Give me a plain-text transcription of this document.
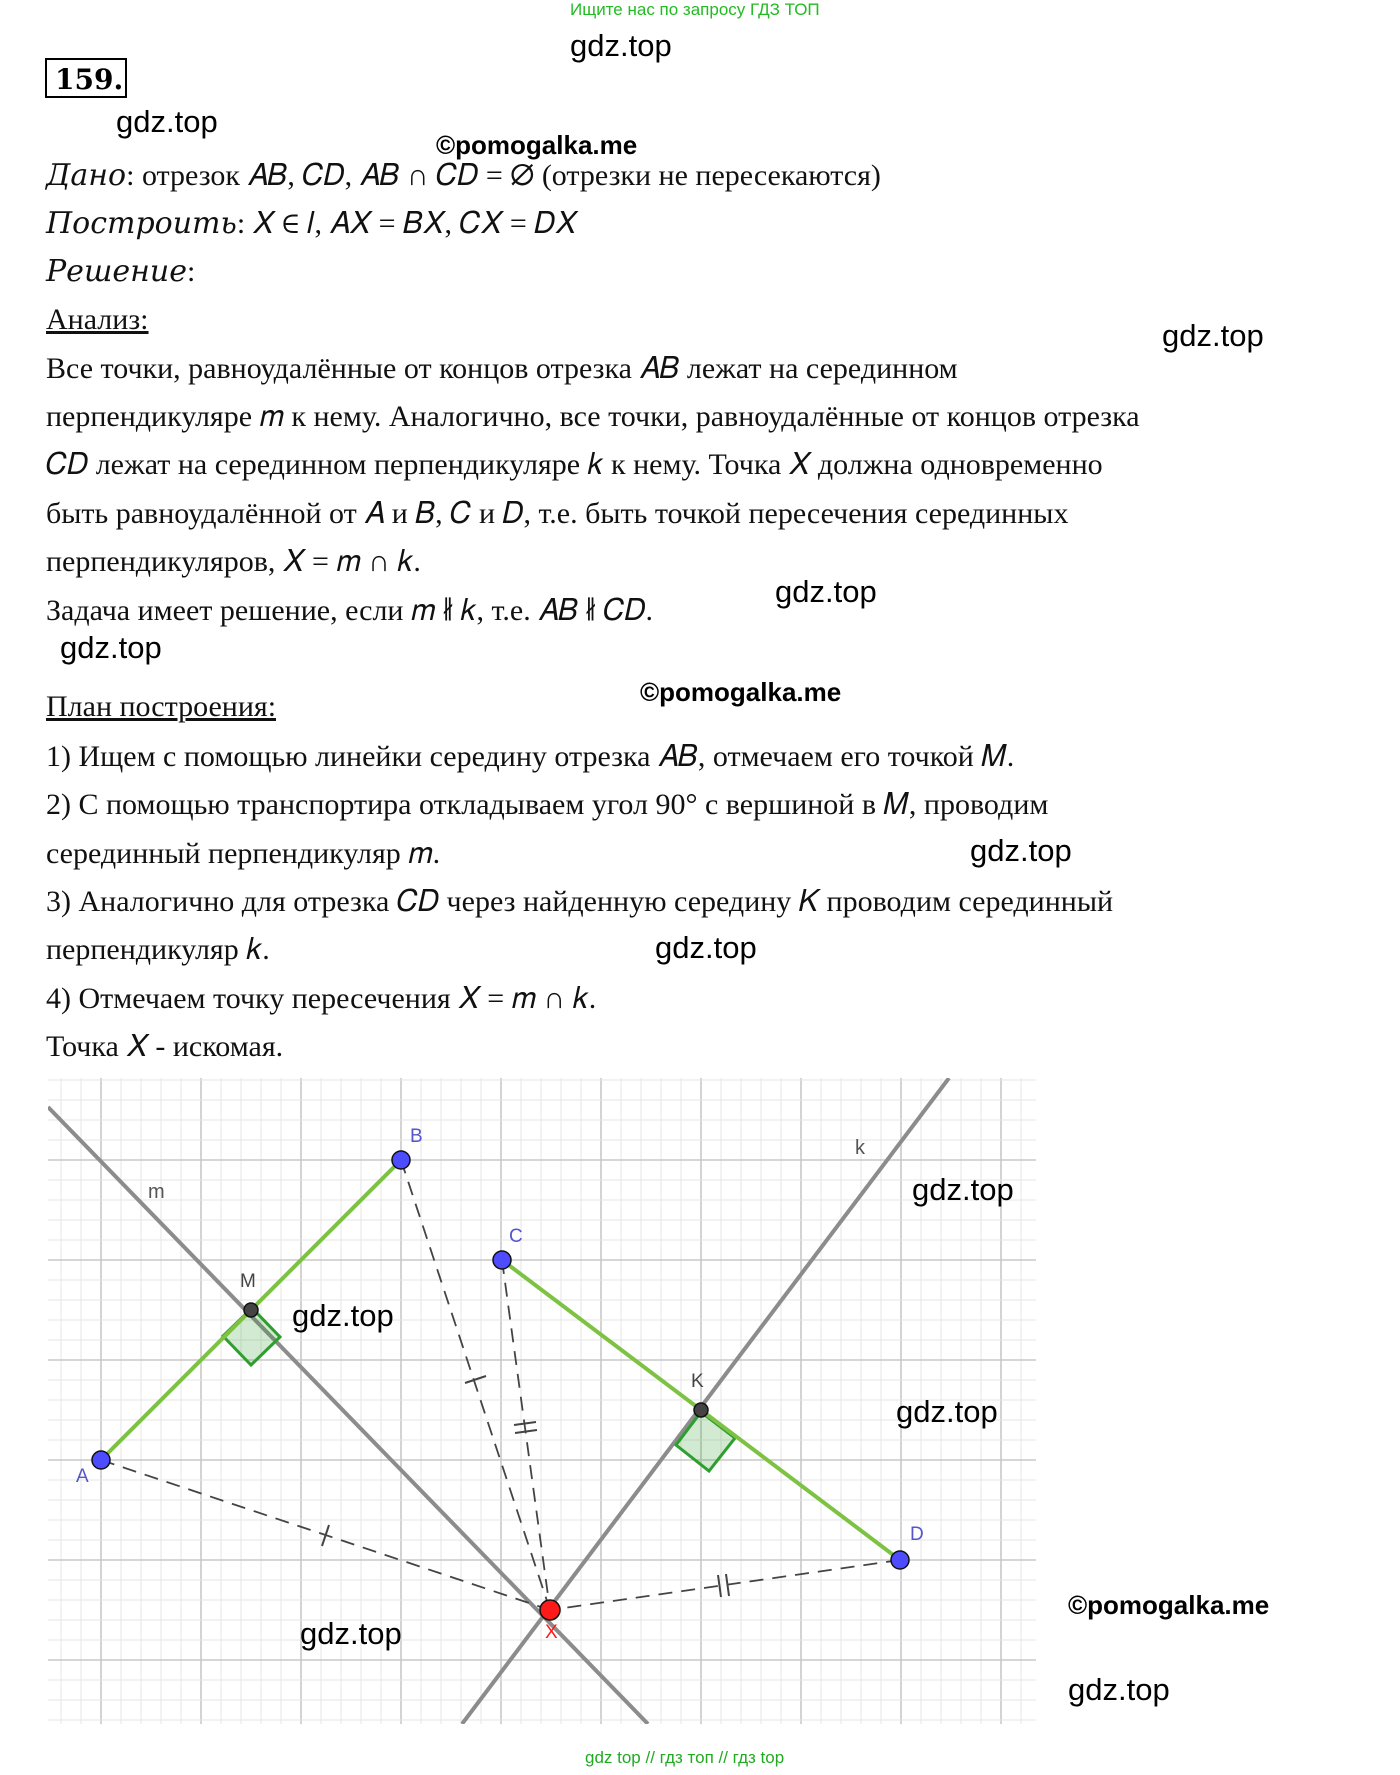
Ищите нас по запросу ГДЗ ТОП
159.
gdz.top
gdz.top
©pomogalka.me
Дано: отрезок 𝐴𝐵, 𝐶𝐷, 𝐴𝐵 ∩ 𝐶𝐷 = ∅ (отрезки не пересекаются)
Построить: 𝑋 ∈ 𝑙, 𝐴𝑋 = 𝐵𝑋, 𝐶𝑋 = 𝐷𝑋
Решение:
Анализ:	gdz.top
Все точки, равноудалённые от концов отрезка 𝐴𝐵 лежат на серединном
перпендикуляре 𝑚 к нему. Аналогично, все точки, равноудалённые от концов отрезка
𝐶𝐷 лежат на серединном перпендикуляре 𝑘 к нему. Точка 𝑋 должна одновременно
быть равноудалённой от 𝐴 и 𝐵, 𝐶 и 𝐷, т.е. быть точкой пересечения серединных
перпендикуляров, 𝑋 = 𝑚 ∩ 𝑘.
gdz.top
Задача имеет решение, если 𝑚 ∦ 𝑘, т.е. 𝐴𝐵 ∦ 𝐶𝐷.
gdz.top
План построения:	©pomogalka.me
1) Ищем с помощью линейки середину отрезка 𝐴𝐵, отмечаем его точкой 𝑀.
2) С помощью транспортира откладываем угол 90° с вершиной в 𝑀, проводим
серединный перпендикуляр 𝑚.	gdz.top
3) Аналогично для отрезка 𝐶𝐷 через найденную середину 𝐾 проводим серединный
перпендикуляр 𝑘.	gdz.top
4) Отмечаем точку пересечения 𝑋 = 𝑚 ∩ 𝑘.
Точка 𝑋 - искомая.
A
B
C
D
M
K
X
m
k
gdz.top
gdz.top
gdz.top
©pomogalka.me
gdz.top
gdz.top
gdz top // гдз топ // гдз top
